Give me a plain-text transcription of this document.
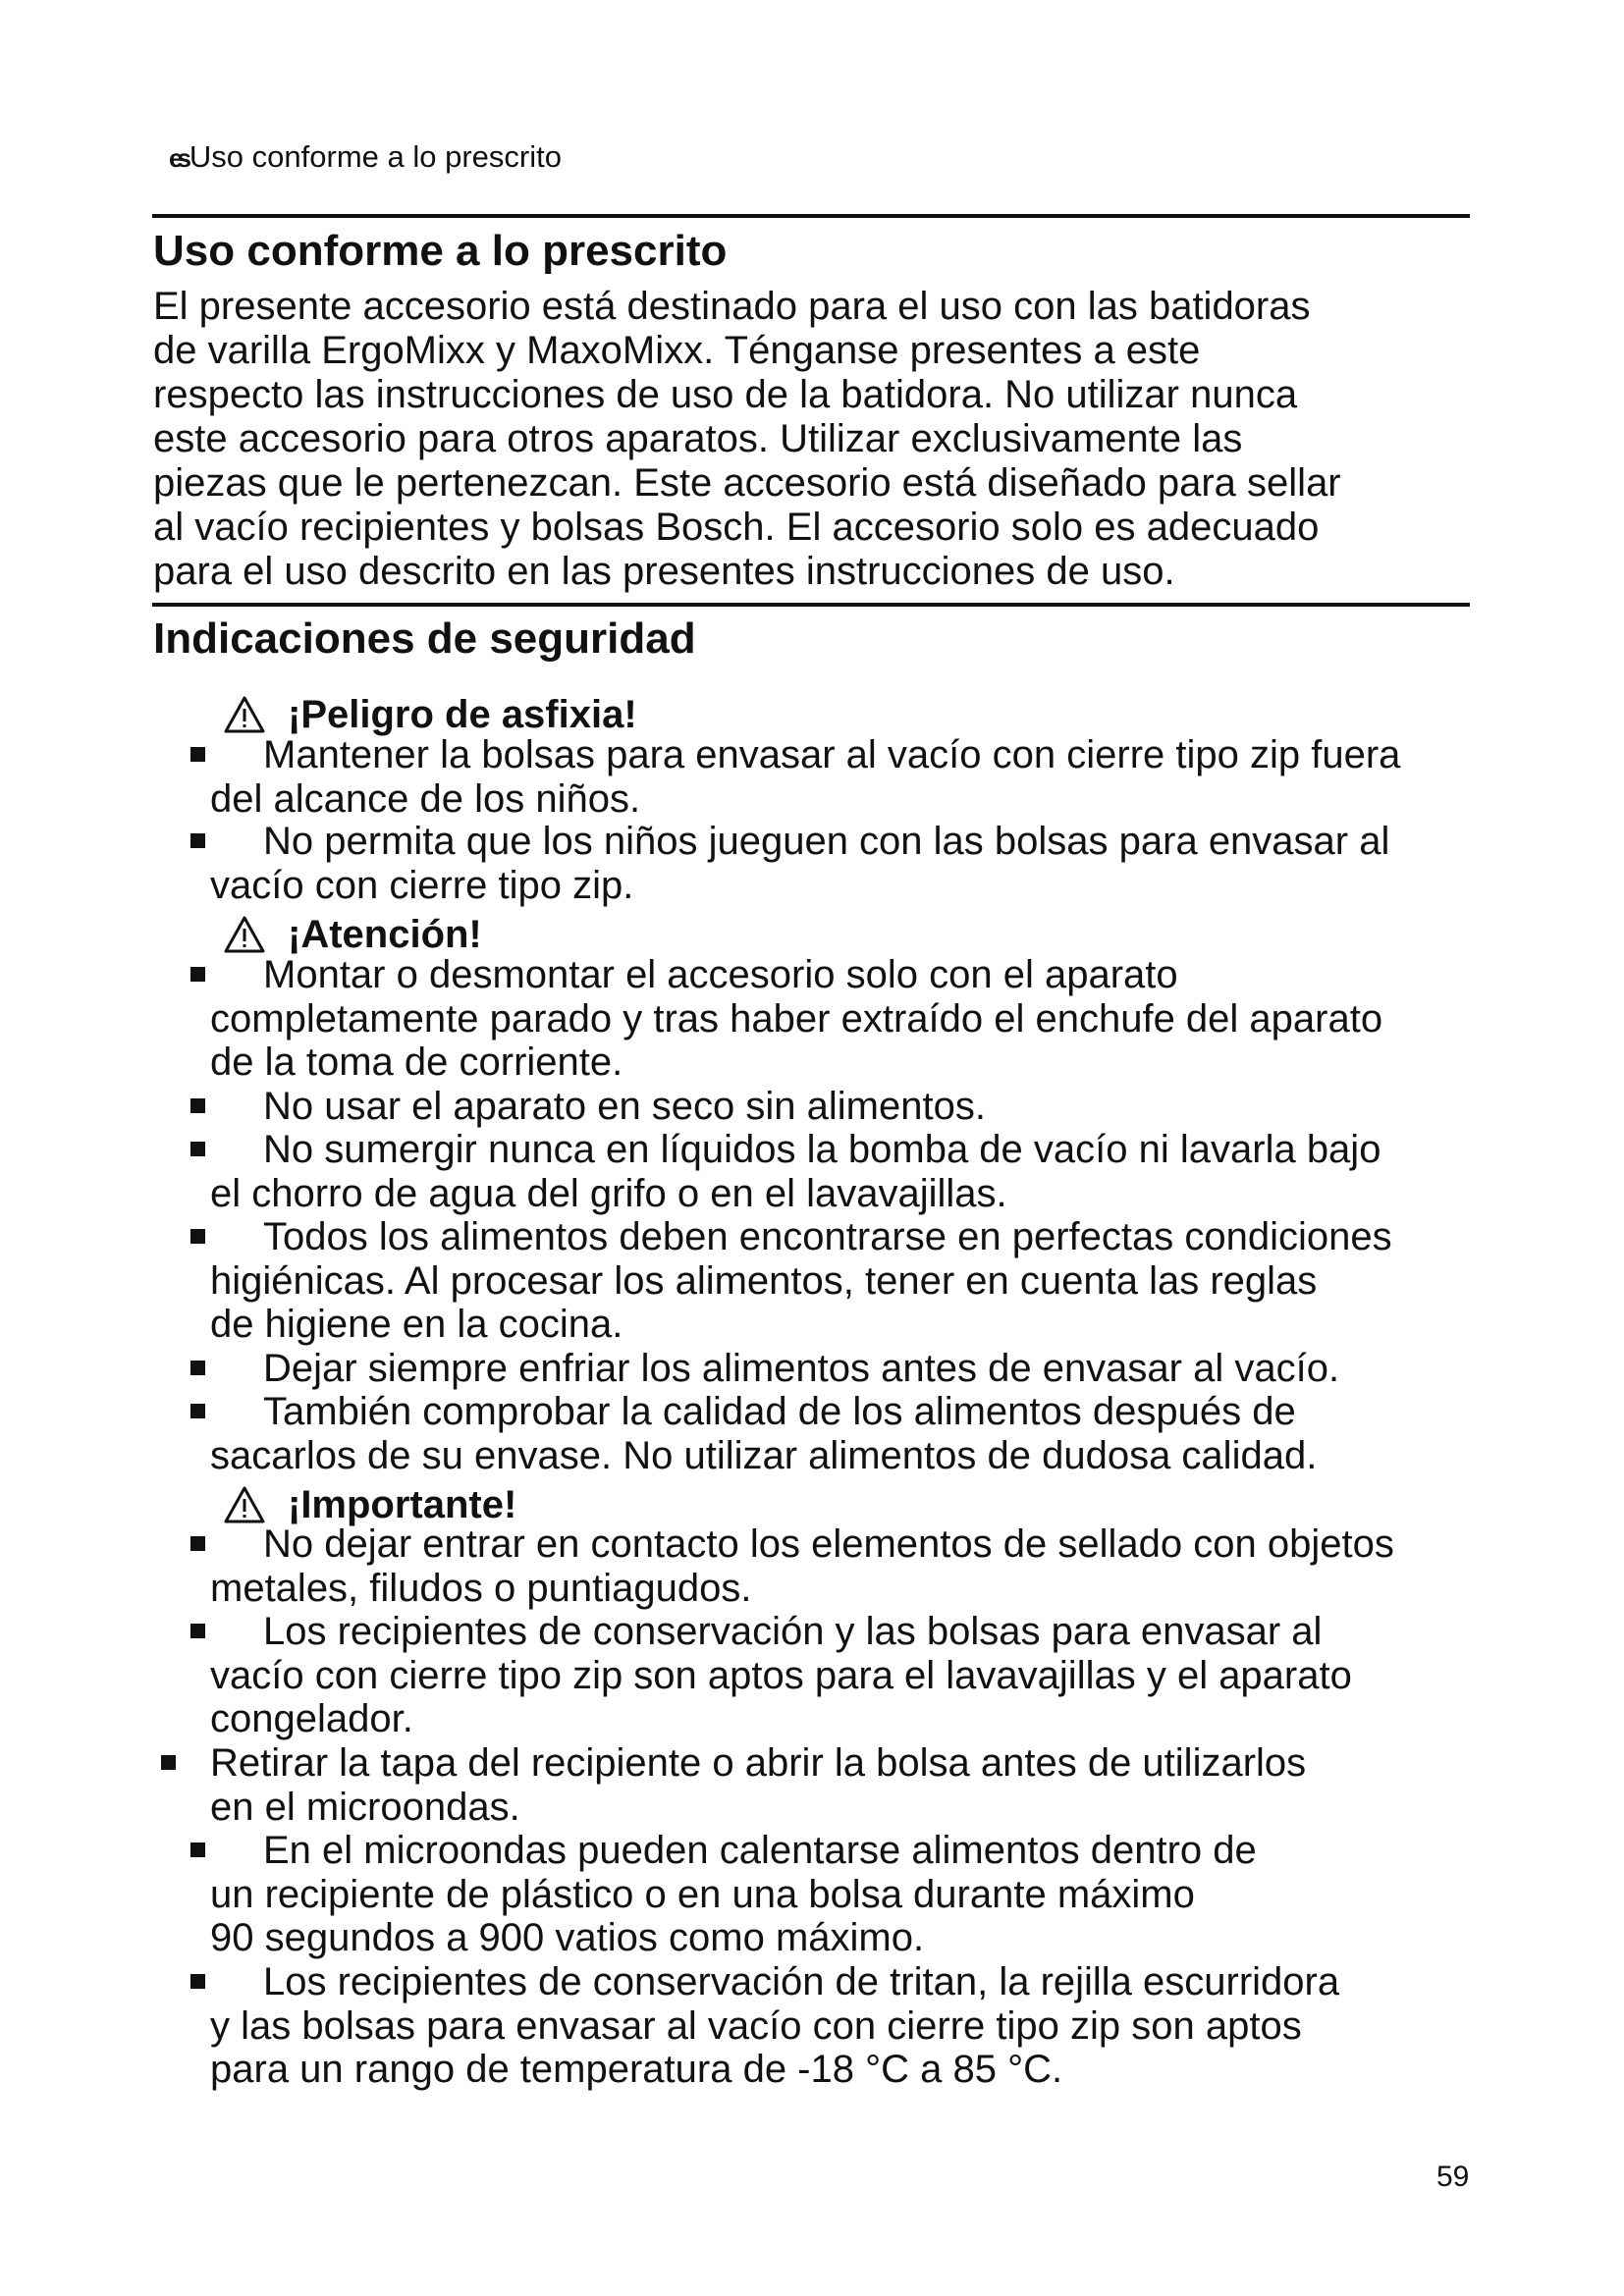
es Uso conforme a lo prescrito
Uso conforme a lo prescrito
El presente accesorio está destinado para el uso con las batidoras
de varilla ErgoMixx y MaxoMixx. Ténganse presentes a este
respecto las instrucciones de uso de la batidora. No utilizar nunca
este accesorio para otros aparatos. Utilizar exclusivamente las
piezas que le pertenezcan. Este accesorio está diseñado para sellar
al vacío recipientes y bolsas Bosch. El accesorio solo es adecuado
para el uso descrito en las presentes instrucciones de uso.
Indicaciones de seguridad
¡Peligro de asfixia!
Mantener la bolsas para envasar al vacío con cierre tipo zip fuera
del alcance de los niños.
No permita que los niños jueguen con las bolsas para envasar al
vacío con cierre tipo zip.
¡Atención!
Montar o desmontar el accesorio solo con el aparato
completamente parado y tras haber extraído el enchufe del aparato
de la toma de corriente.
No usar el aparato en seco sin alimentos.
No sumergir nunca en líquidos la bomba de vacío ni lavarla bajo
el chorro de agua del grifo o en el lavavajillas.
Todos los alimentos deben encontrarse en perfectas condiciones
higiénicas. Al procesar los alimentos, tener en cuenta las reglas
de higiene en la cocina.
Dejar siempre enfriar los alimentos antes de envasar al vacío.
También comprobar la calidad de los alimentos después de
sacarlos de su envase. No utilizar alimentos de dudosa calidad.
¡Importante!
No dejar entrar en contacto los elementos de sellado con objetos
metales, filudos o puntiagudos.
Los recipientes de conservación y las bolsas para envasar al
vacío con cierre tipo zip son aptos para el lavavajillas y el aparato
congelador.
Retirar la tapa del recipiente o abrir la bolsa antes de utilizarlos
en el microondas.
En el microondas pueden calentarse alimentos dentro de
un recipiente de plástico o en una bolsa durante máximo
90 segundos a 900 vatios como máximo.
Los recipientes de conservación de tritan, la rejilla escurridora
y las bolsas para envasar al vacío con cierre tipo zip son aptos
para un rango de temperatura de -18 °C a 85 °C.
59
